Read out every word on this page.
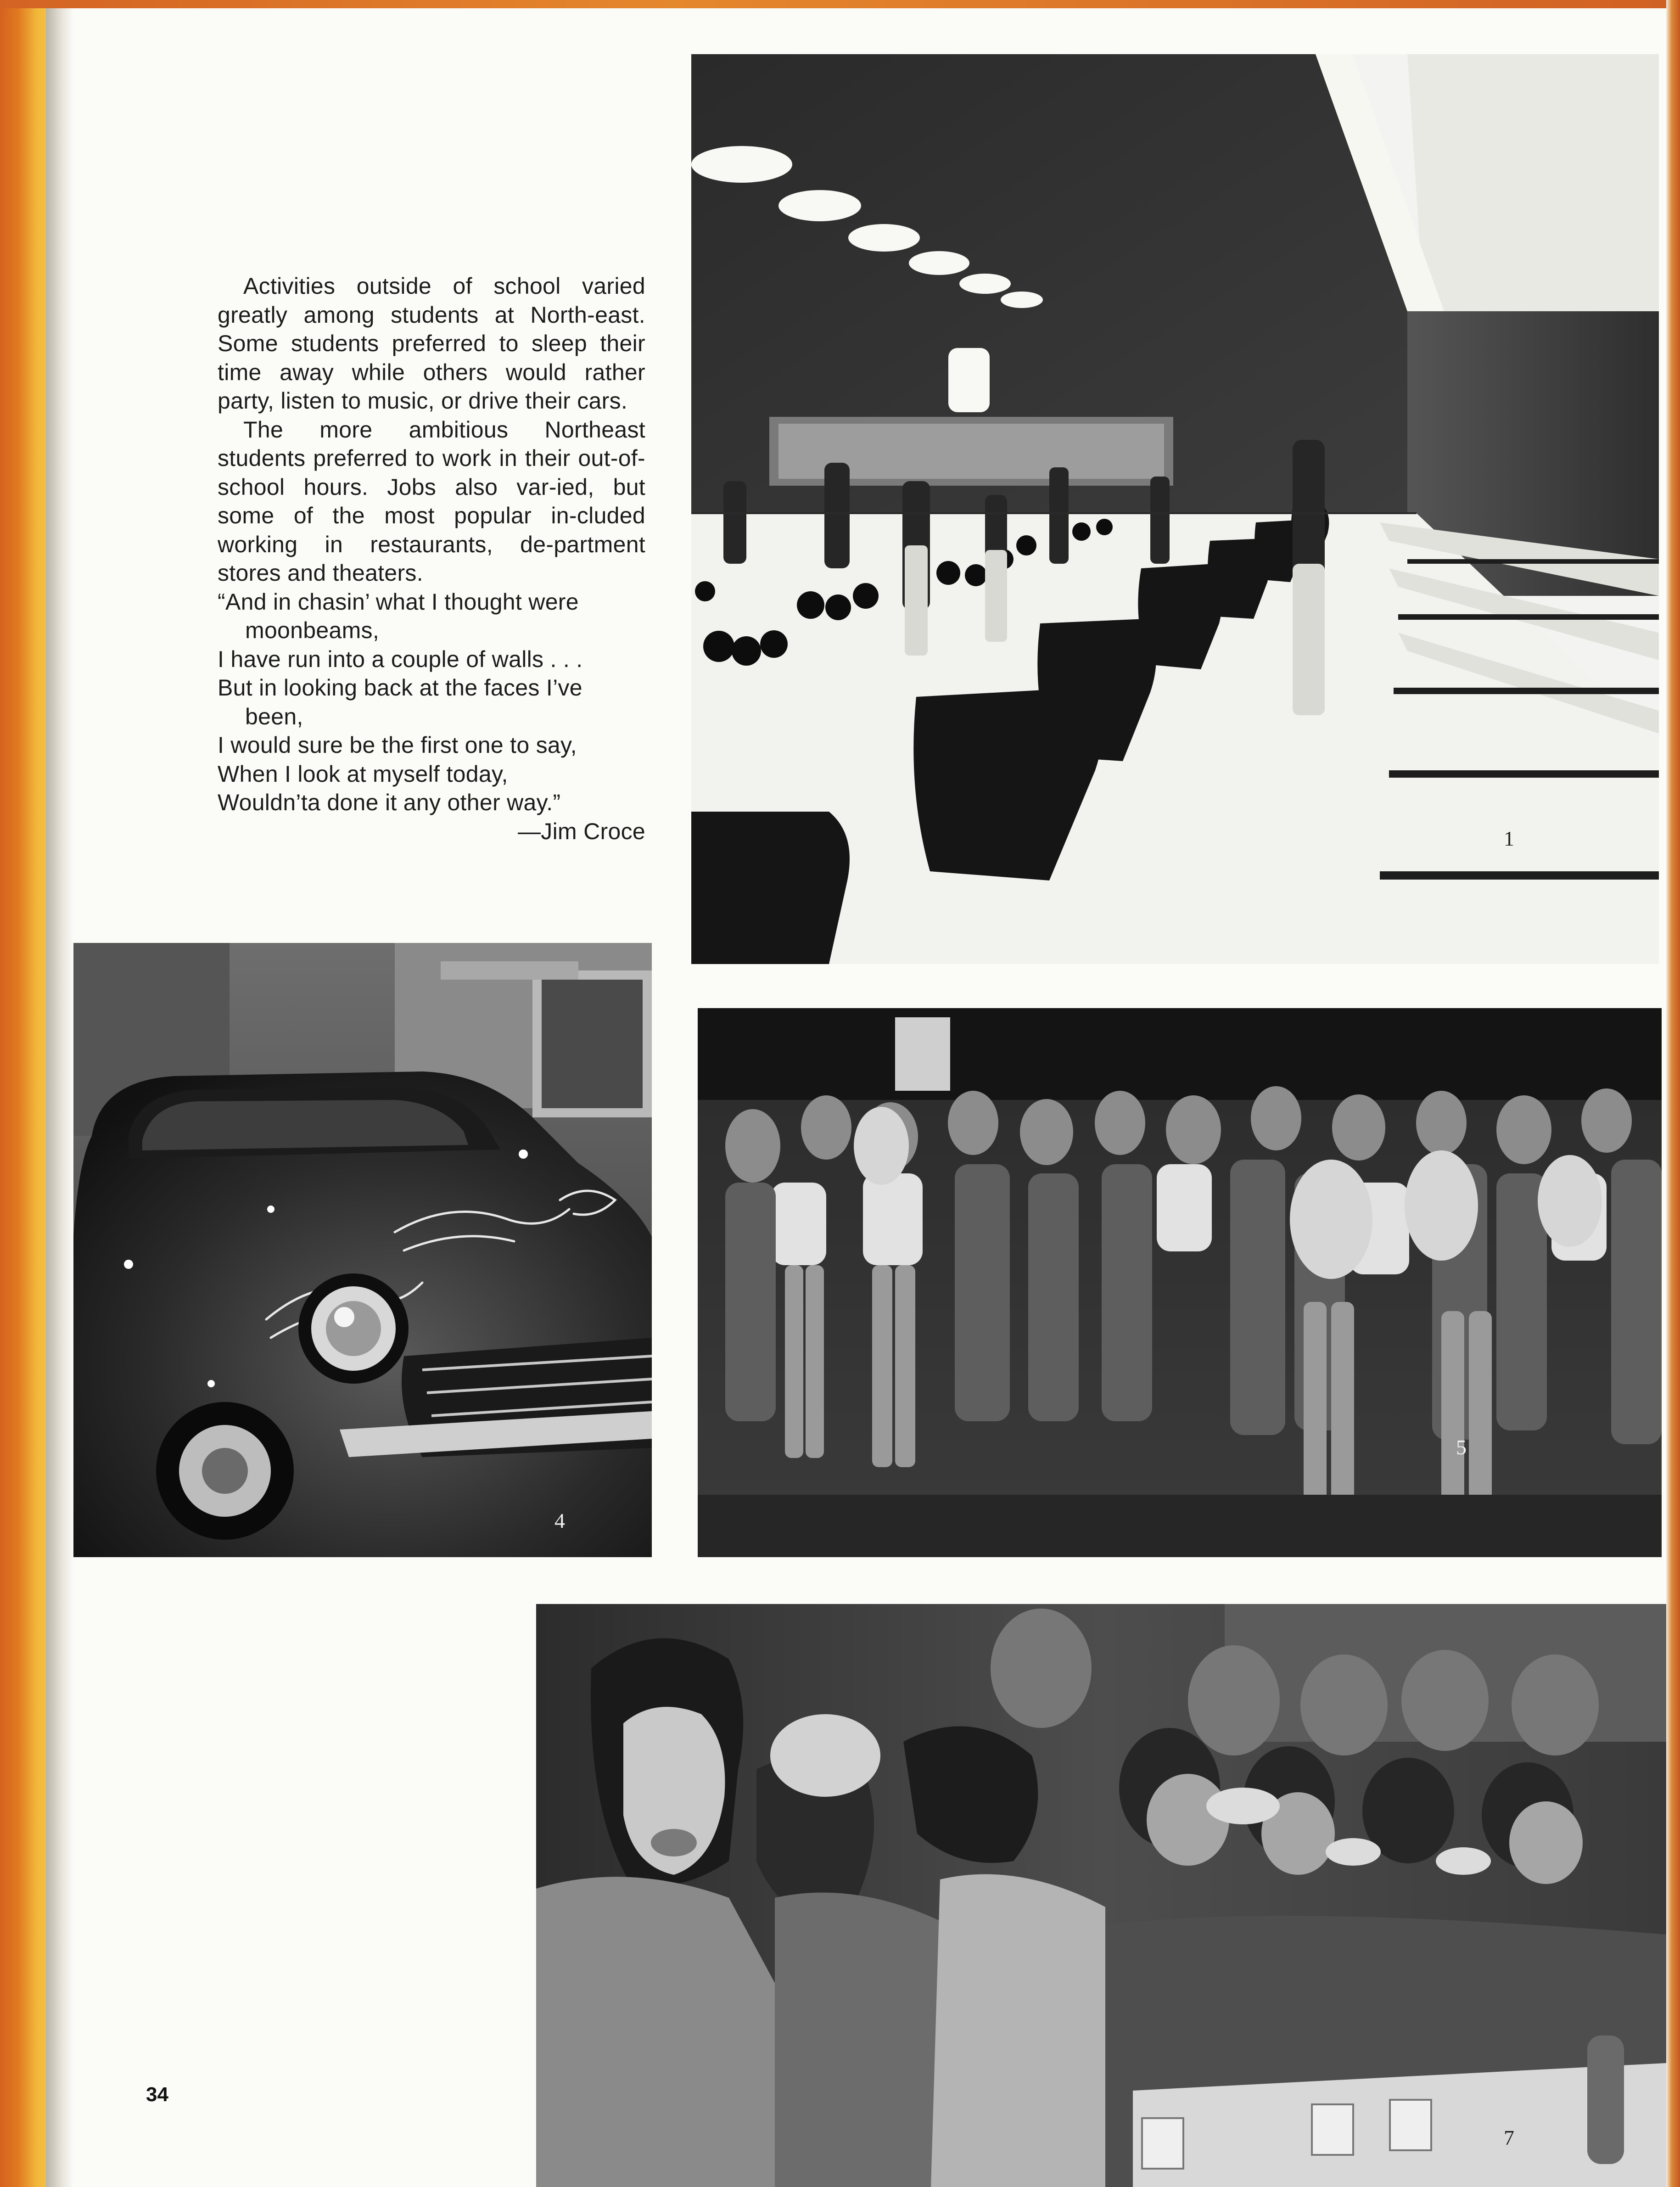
Activities outside of school varied greatly among students at North-east. Some students preferred to sleep their time away while others would rather party, listen to music, or drive their cars.

The more ambitious Northeast students preferred to work in their out-of-school hours. Jobs also var-ied, but some of the most popular in-cluded working in restaurants, de-partment stores and theaters.

“And in chasin’ what I thought were
moonbeams,
I have run into a couple of walls . . .
But in looking back at the faces I’ve
been,
I would sure be the first one to say,
When I look at myself today,
Wouldn’ta done it any other way.”
—Jim Croce	1
4
5
7
34
